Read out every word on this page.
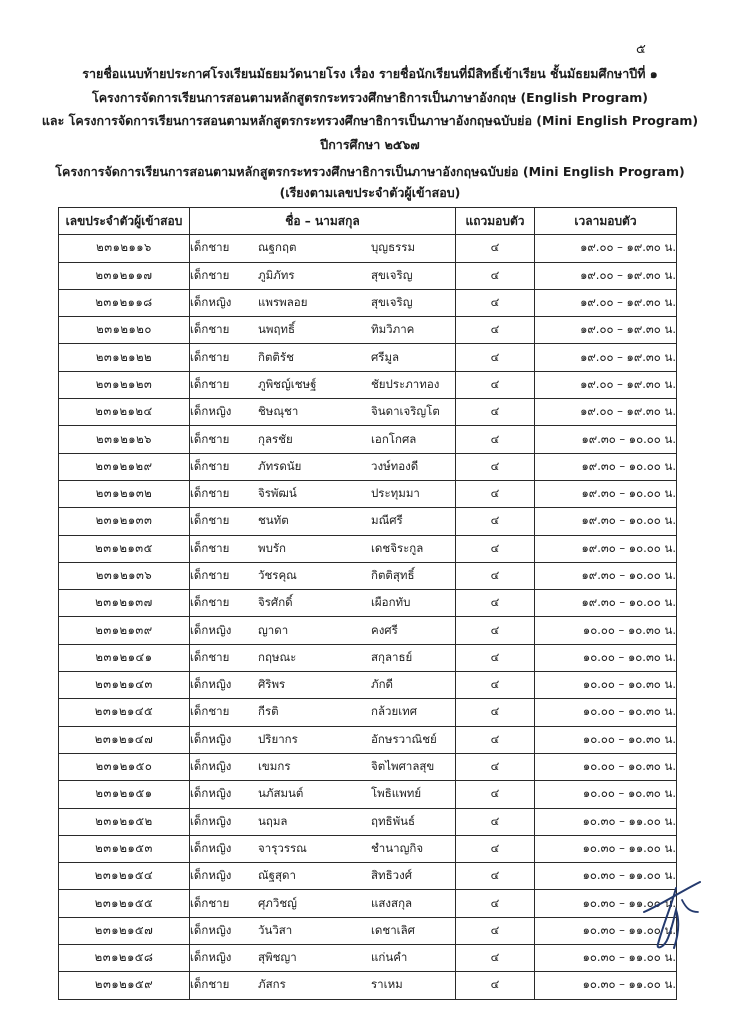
๕
รายชื่อแนบท้ายประกาศโรงเรียนมัธยมวัดนายโรง เรื่อง รายชื่อนักเรียนที่มีสิทธิ์เข้าเรียน ชั้นมัธยมศึกษาปีที่ ๑
โครงการจัดการเรียนการสอนตามหลักสูตรกระทรวงศึกษาธิการเป็นภาษาอังกฤษ (English Program)
และ โครงการจัดการเรียนการสอนตามหลักสูตรกระทรวงศึกษาธิการเป็นภาษาอังกฤษฉบับย่อ (Mini English Program)
ปีการศึกษา ๒๕๖๗
โครงการจัดการเรียนการสอนตามหลักสูตรกระทรวงศึกษาธิการเป็นภาษาอังกฤษฉบับย่อ (Mini English Program)
(เรียงตามเลขประจำตัวผู้เข้าสอบ)
เลขประจำตัวผู้เข้าสอบ	ชื่อ – นามสกุล	แถวมอบตัว	เวลามอบตัว
๒๓๑๒๑๑๖	เด็กชาย ณฐกฤต บุญธรรม	๔	๑๙.๐๐ – ๑๙.๓๐ น.
๒๓๑๒๑๑๗	เด็กชาย ภูมิภัทร สุขเจริญ	๔	๑๙.๐๐ – ๑๙.๓๐ น.
๒๓๑๒๑๑๘	เด็กหญิง แพรพลอย สุขเจริญ	๔	๑๙.๐๐ – ๑๙.๓๐ น.
๒๓๑๒๑๒๐	เด็กชาย นพฤทธิ์ ทิมวิภาค	๔	๑๙.๐๐ – ๑๙.๓๐ น.
๒๓๑๒๑๒๒	เด็กชาย กิตติรัช ศรีมูล	๔	๑๙.๐๐ – ๑๙.๓๐ น.
๒๓๑๒๑๒๓	เด็กชาย ภูพิชญ์เชษฐ์ ชัยประภาทอง	๔	๑๙.๐๐ – ๑๙.๓๐ น.
๒๓๑๒๑๒๔	เด็กหญิง ชิษณุชา จินดาเจริญโต	๔	๑๙.๐๐ – ๑๙.๓๐ น.
๒๓๑๒๑๒๖	เด็กชาย กุลรชัย เอกโกศล	๔	๑๙.๓๐ – ๑๐.๐๐ น.
๒๓๑๒๑๒๙	เด็กชาย ภัทรดนัย วงษ์ทองดี	๔	๑๙.๓๐ – ๑๐.๐๐ น.
๒๓๑๒๑๓๒	เด็กชาย จิรพัฒน์ ประทุมมา	๔	๑๙.๓๐ – ๑๐.๐๐ น.
๒๓๑๒๑๓๓	เด็กชาย ชนทัต มณีศรี	๔	๑๙.๓๐ – ๑๐.๐๐ น.
๒๓๑๒๑๓๕	เด็กชาย พบรัก เดชจิระกูล	๔	๑๙.๓๐ – ๑๐.๐๐ น.
๒๓๑๒๑๓๖	เด็กชาย วัชรคุณ กิตติสุทธิ์	๔	๑๙.๓๐ – ๑๐.๐๐ น.
๒๓๑๒๑๓๗	เด็กชาย จิรศักดิ์ เผือกทับ	๔	๑๙.๓๐ – ๑๐.๐๐ น.
๒๓๑๒๑๓๙	เด็กหญิง ญาดา คงศรี	๔	๑๐.๐๐ – ๑๐.๓๐ น.
๒๓๑๒๑๔๑	เด็กชาย กฤษณะ สกุลาธย์	๔	๑๐.๐๐ – ๑๐.๓๐ น.
๒๓๑๒๑๔๓	เด็กหญิง ศิริพร ภักดี	๔	๑๐.๐๐ – ๑๐.๓๐ น.
๒๓๑๒๑๔๕	เด็กชาย กีรติ กล้วยเทศ	๔	๑๐.๐๐ – ๑๐.๓๐ น.
๒๓๑๒๑๔๗	เด็กหญิง ปริยากร อักษรวาณิชย์	๔	๑๐.๐๐ – ๑๐.๓๐ น.
๒๓๑๒๑๕๐	เด็กหญิง เขมกร จิตไพศาลสุข	๔	๑๐.๐๐ – ๑๐.๓๐ น.
๒๓๑๒๑๕๑	เด็กหญิง นภัสมนต์ โพธิแพทย์	๔	๑๐.๐๐ – ๑๐.๓๐ น.
๒๓๑๒๑๕๒	เด็กหญิง นฤมล ฤทธิพันธ์	๔	๑๐.๓๐ – ๑๑.๐๐ น.
๒๓๑๒๑๕๓	เด็กหญิง จารุวรรณ ชำนาญกิจ	๔	๑๐.๓๐ – ๑๑.๐๐ น.
๒๓๑๒๑๕๔	เด็กหญิง ณัฐสุดา สิทธิวงศ์	๔	๑๐.๓๐ – ๑๑.๐๐ น.
๒๓๑๒๑๕๕	เด็กชาย ศุภวิชญ์ แสงสกุล	๔	๑๐.๓๐ – ๑๑.๐๐ น.
๒๓๑๒๑๕๗	เด็กหญิง วันวิสา เดชาเลิศ	๔	๑๐.๓๐ – ๑๑.๐๐ น.
๒๓๑๒๑๕๘	เด็กหญิง สุพิชญา แก่นคำ	๔	๑๐.๓๐ – ๑๑.๐๐ น.
๒๓๑๒๑๕๙	เด็กชาย ภัสกร ราเหม	๔	๑๐.๓๐ – ๑๑.๐๐ น.
